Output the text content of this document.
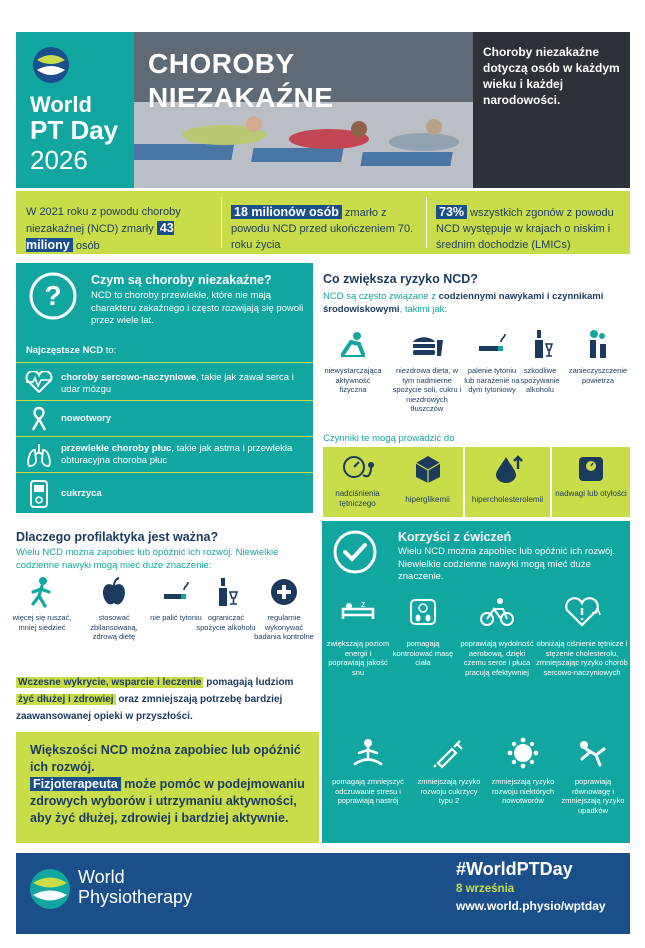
World
PT Day
2026
CHOROBY
NIEZAKAŹNE
Choroby niezakaźne dotyczą osób w każdym wieku i każdej narodowości.
W 2021 roku z powodu choroby niezakaźnej (NCD) zmarły 43 miliony osób
18 milionów osób zmarło z powodu NCD przed ukończeniem 70. roku życia
73% wszystkich zgonów z powodu NCD występuje w krajach o niskim i średnim dochodzie (LMICs)
? Czym są choroby niezakaźne?
NCD to choroby przewlekłe, które nie mają charakteru zakaźnego i często rozwijają się powoli przez wiele lat.
Najczęstsze NCD to:
choroby sercowo-naczyniowe, takie jak zawał serca i udar mózgu
nowotwory
przewlekłe choroby płuc, takie jak astma i przewlekła obturacyjna choroba płuc
cukrzyca
Co zwiększa ryzyko NCD?
NCD są często związane z codziennymi nawykami i czynnikami środowiskowymi, takimi jak:
niewystarczająca aktywność fizyczna
niezdrowa dieta, w tym nadmierne spożycie soli, cukru i niezdrowych tłuszczów
palenie tytoniu lub narażenie na dym tytoniowy
szkodliwe spożywanie alkoholu
zanieczyszczenie powietrza
Czynniki te mogą prowadzić do
nadciśnienia tętniczego	hiperglikemii	hipercholesterolemii
nadwagi lub otyłości
Dlaczego profilaktyka jest ważna?
Wielu NCD można zapobiec lub opóźnić ich rozwój. Niewielkie codzienne nawyki mogą mieć duże znaczenie:
więcej się ruszać, mniej siedzieć
stosować zbilansowaną, zdrową dietę
nie palić tytoniu ograniczać spożycie alkoholu
regularnie wykonywać badania kontrolne
Wczesne wykrycie, wsparcie i leczenie pomagają ludziom żyć dłużej i zdrowiej oraz zmniejszają potrzebę bardziej zaawansowanej opieki w przyszłości.
Większości NCD można zapobiec lub opóźnić ich rozwój.
Fizjoterapeuta może pomóc w podejmowaniu zdrowych wyborów i utrzymaniu aktywności, aby żyć dłużej, zdrowiej i bardziej aktywnie.
Korzyści z ćwiczeń
Wielu NCD można zapobiec lub opóźnić ich rozwój. Niewielkie codzienne nawyki mogą mieć duże znaczenie.
z
zwiększają poziom energii i poprawiają jakość snu
pomagają kontrolować masę ciała
poprawiają wydolność aerobową, dzięki czemu serce i płuca pracują efektywniej
obniżają ciśnienie tętnicze i stężenie cholesterolu, zmniejszając ryzyko chorób sercowo-naczyniowych
pomagają zmniejszyć odczuwanie stresu i poprawiają nastrój
zmniejszają ryzyko rozwoju cukrzycy typu 2
zmniejszają ryzyko rozwoju niektórych nowotworów
poprawiają równowagę i zmniejszają ryzyko upadków
World
Physiotherapy
#WorldPTDay
8 września
www.world.physio/wptday
